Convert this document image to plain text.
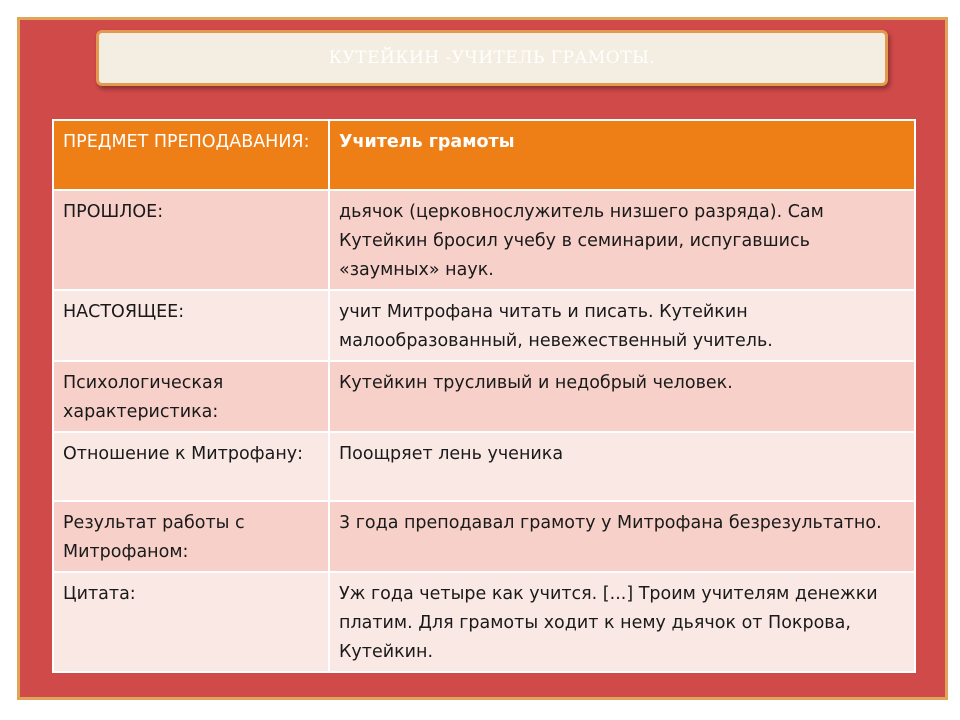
КУТЕЙКИН -УЧИТЕЛЬ ГРАМОТЫ.
ПРЕДМЕТ ПРЕПОДАВАНИЯ:	Учитель грамоты
ПРОШЛОЕ:	дьячок (церковнослужитель низшего разряда). Сам Кутейкин бросил учебу в семинарии, испугавшись «заумных» наук.
НАСТОЯЩЕЕ:	учит Митрофана читать и писать. Кутейкин малообразованный, невежественный учитель.
Психологическая характеристика:	Кутейкин трусливый и недобрый человек.
Отношение к Митрофану:	Поощряет лень ученика
Результат работы с Митрофаном:	3 года преподавал грамоту у Митрофана безрезультатно.
Цитата:	Уж года четыре как учится. [...] Троим учителям денежки платим. Для грамоты ходит к нему дьячок от Покрова, Кутейкин.
